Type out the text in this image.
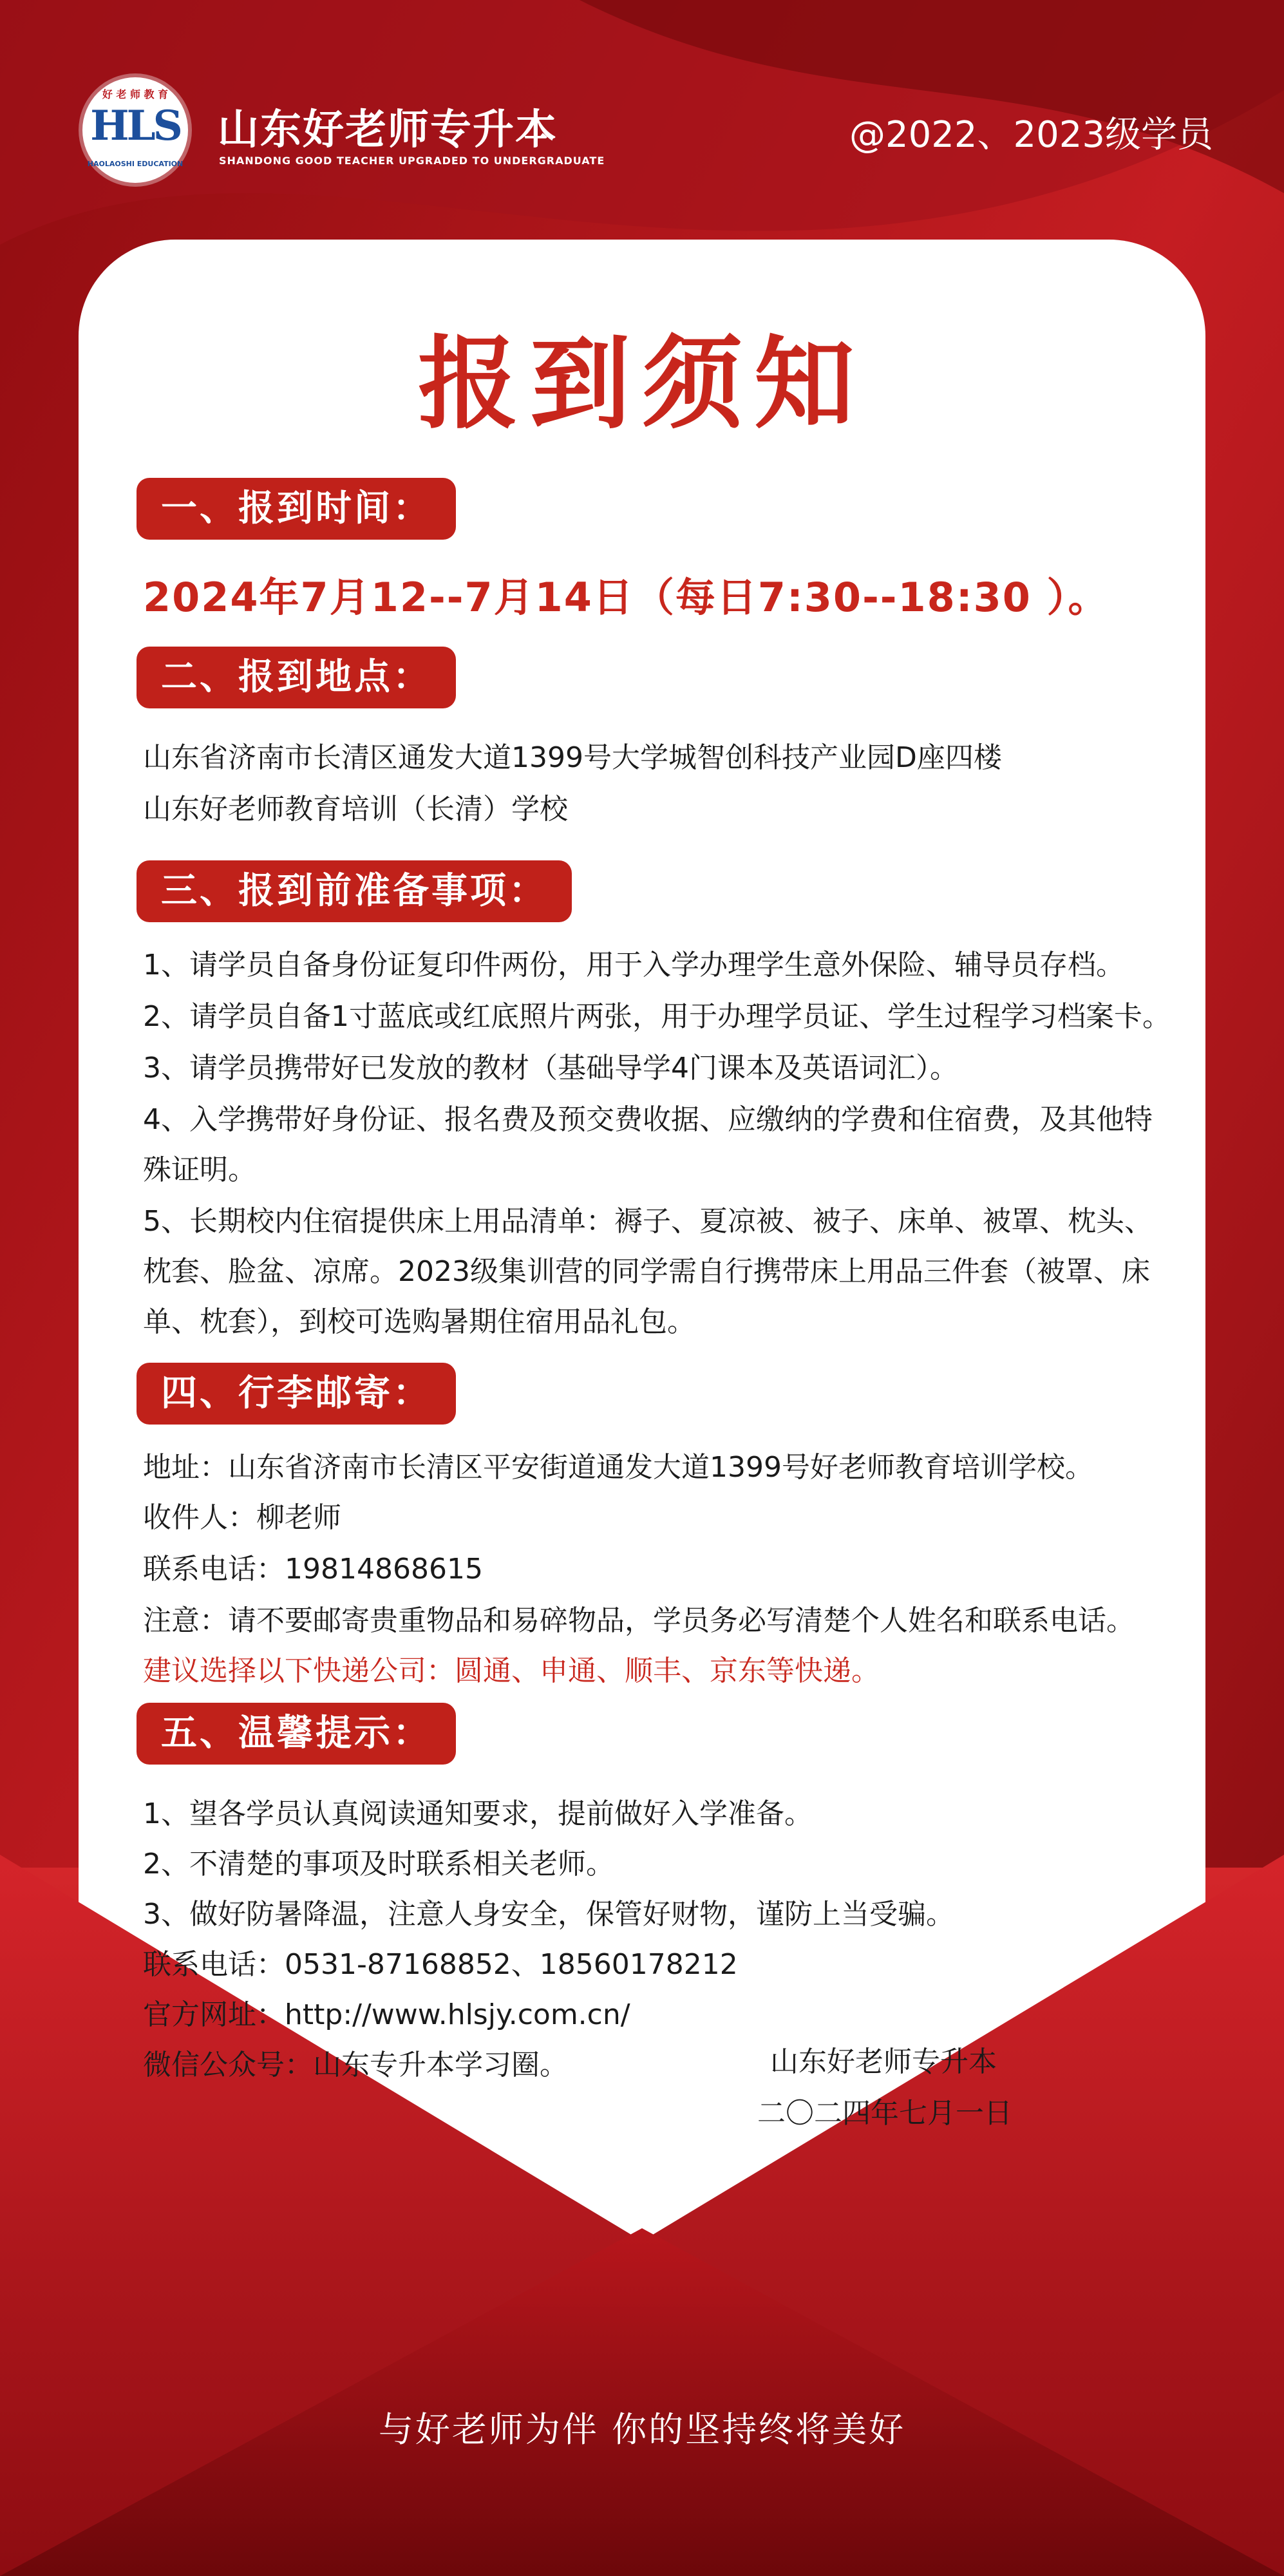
好 老 师 教 育
HLS
HAOLAOSHI EDUCATION
山东好老师专升本
SHANDONG GOOD TEACHER UPGRADED TO UNDERGRADUATE
@2022、2023级学员
报到须知
一、报到时间：
2024年7月12--7月14日（每日7:30--18:30 ）。
二、报到地点：
山东省济南市长清区通发大道1399号大学城智创科技产业园D座四楼
山东好老师教育培训（长清）学校
三、报到前准备事项：
1、请学员自备身份证复印件两份，用于入学办理学生意外保险、辅导员存档。
2、请学员自备1寸蓝底或红底照片两张，用于办理学员证、学生过程学习档案卡。
3、请学员携带好已发放的教材（基础导学4门课本及英语词汇）。
4、入学携带好身份证、报名费及预交费收据、应缴纳的学费和住宿费，及其他特
殊证明。
5、长期校内住宿提供床上用品清单：褥子、夏凉被、被子、床单、被罩、枕头、
枕套、脸盆、凉席。2023级集训营的同学需自行携带床上用品三件套（被罩、床
单、枕套），到校可选购暑期住宿用品礼包。
四、行李邮寄：
地址：山东省济南市长清区平安街道通发大道1399号好老师教育培训学校。
收件人：柳老师
联系电话：19814868615
注意：请不要邮寄贵重物品和易碎物品，学员务必写清楚个人姓名和联系电话。
建议选择以下快递公司：圆通、申通、顺丰、京东等快递。
五、温馨提示：
1、望各学员认真阅读通知要求，提前做好入学准备。
2、不清楚的事项及时联系相关老师。
3、做好防暑降温，注意人身安全，保管好财物，谨防上当受骗。
联系电话：0531-87168852、18560178212
官方网址：http://www.hlsjy.com.cn/
微信公众号：山东专升本学习圈。	山东好老师专升本
二〇二四年七月一日
与好老师为伴 你的坚持终将美好
